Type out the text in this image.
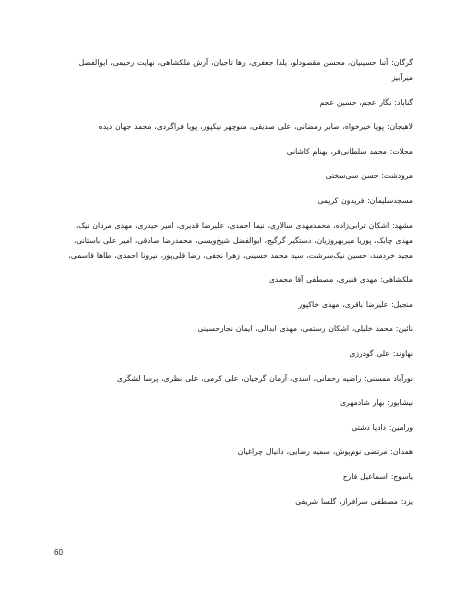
گرگان: آتنا حسینیان، محسن مقصودلو، یلدا جعفری، رها تاجیان، آرش ملکشاهی، نهایت رحیمی، ابوالفضل میرآبیز

گناباد: نگار عجم، حسین عجم

لاهیجان: پویا خیرخواه، صابر رمضانی، علی صدیقی، منوچهر نیکپور، پویا فراگردی، محمد جهان دیده

محلات: محمد سلطانی‌فر، بهنام کاشانی

مرودشت: حسن سی‌سختی

مسجدسلیمان: فریدون کریمی

مشهد: اشکان ترابی‌زاده، محمدمهدی سالاری، نیما احمدی، علیرضا قدیری، امیر حیدری، مهدی مردان نیک، مهدی چابک، پوریا میربهروزیان، دستگیر گرگیج، ابوالفضل شیخ‌ویسی، محمدرضا صادقی، امیر علی باستانی، مجید خردمند، حسین نیک‌سرشت، سید محمد حسینی، زهرا نجفی، رضا قلی‌پور، نیرونا احمدی، طاها قاسمی،

ملکشاهی: مهدی قنبری، مصطفی آقا محمدی

منجیل: علیرضا باقری، مهدی خاکپور

نائین: محمد خلیلی، اشکان رستمی، مهدی ابدالی، ایمان نجارحسینی

نهاوند: علی گودرزی

نورآباد ممسنی: راضیه رحمانی، اسدی، آرمان گرجیان، علی کرمی، علی نظری، پرسا لشگری

نیشابور: بهار شادمهری

ورامین: دادیا دشتی

همدان: مرتضی نوم‌پوش، سمیه رضایی، دانیال چراغیان

یاسوج: اسماعیل فارج

یزد: مصطفی سرافراز، گلسا شریفی

60
